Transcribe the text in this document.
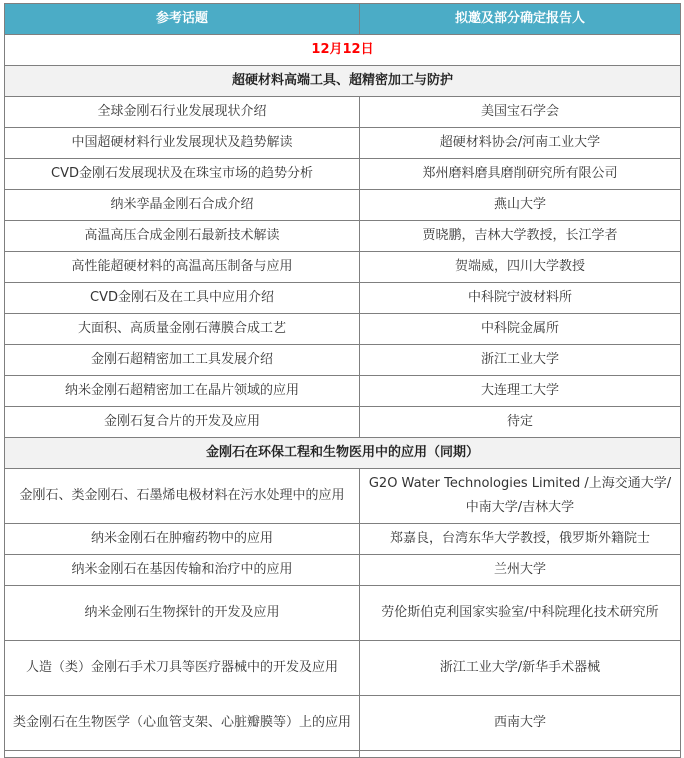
参考话题	拟邀及部分确定报告人
12月12日	
超硬材料高端工具、超精密加工与防护	
全球金刚石行业发展现状介绍	美国宝石学会
中国超硬材料行业发展现状及趋势解读	超硬材料协会/河南工业大学
CVD金刚石发展现状及在珠宝市场的趋势分析	郑州磨料磨具磨削研究所有限公司
纳米孪晶金刚石合成介绍	燕山大学
高温高压合成金刚石最新技术解读	贾晓鹏，吉林大学教授，长江学者
高性能超硬材料的高温高压制备与应用	贺端威，四川大学教授
CVD金刚石及在工具中应用介绍	中科院宁波材料所
大面积、高质量金刚石薄膜合成工艺	中科院金属所
金刚石超精密加工工具发展介绍	浙江工业大学
纳米金刚石超精密加工在晶片领域的应用	大连理工大学
金刚石复合片的开发及应用	待定
金刚石在环保工程和生物医用中的应用（同期）	
金刚石、类金刚石、石墨烯电极材料在污水处理中的应用	G2O Water Technologies Limited /上海交通大学/中南大学/吉林大学
纳米金刚石在肿瘤药物中的应用	郑嘉良，台湾东华大学教授，俄罗斯外籍院士
纳米金刚石在基因传输和治疗中的应用	兰州大学
纳米金刚石生物探针的开发及应用	劳伦斯伯克利国家实验室/中科院理化技术研究所
人造（类）金刚石手术刀具等医疗器械中的开发及应用	浙江工业大学/新华手术器械
类金刚石在生物医学（心血管支架、心脏瓣膜等）上的应用	西南大学
